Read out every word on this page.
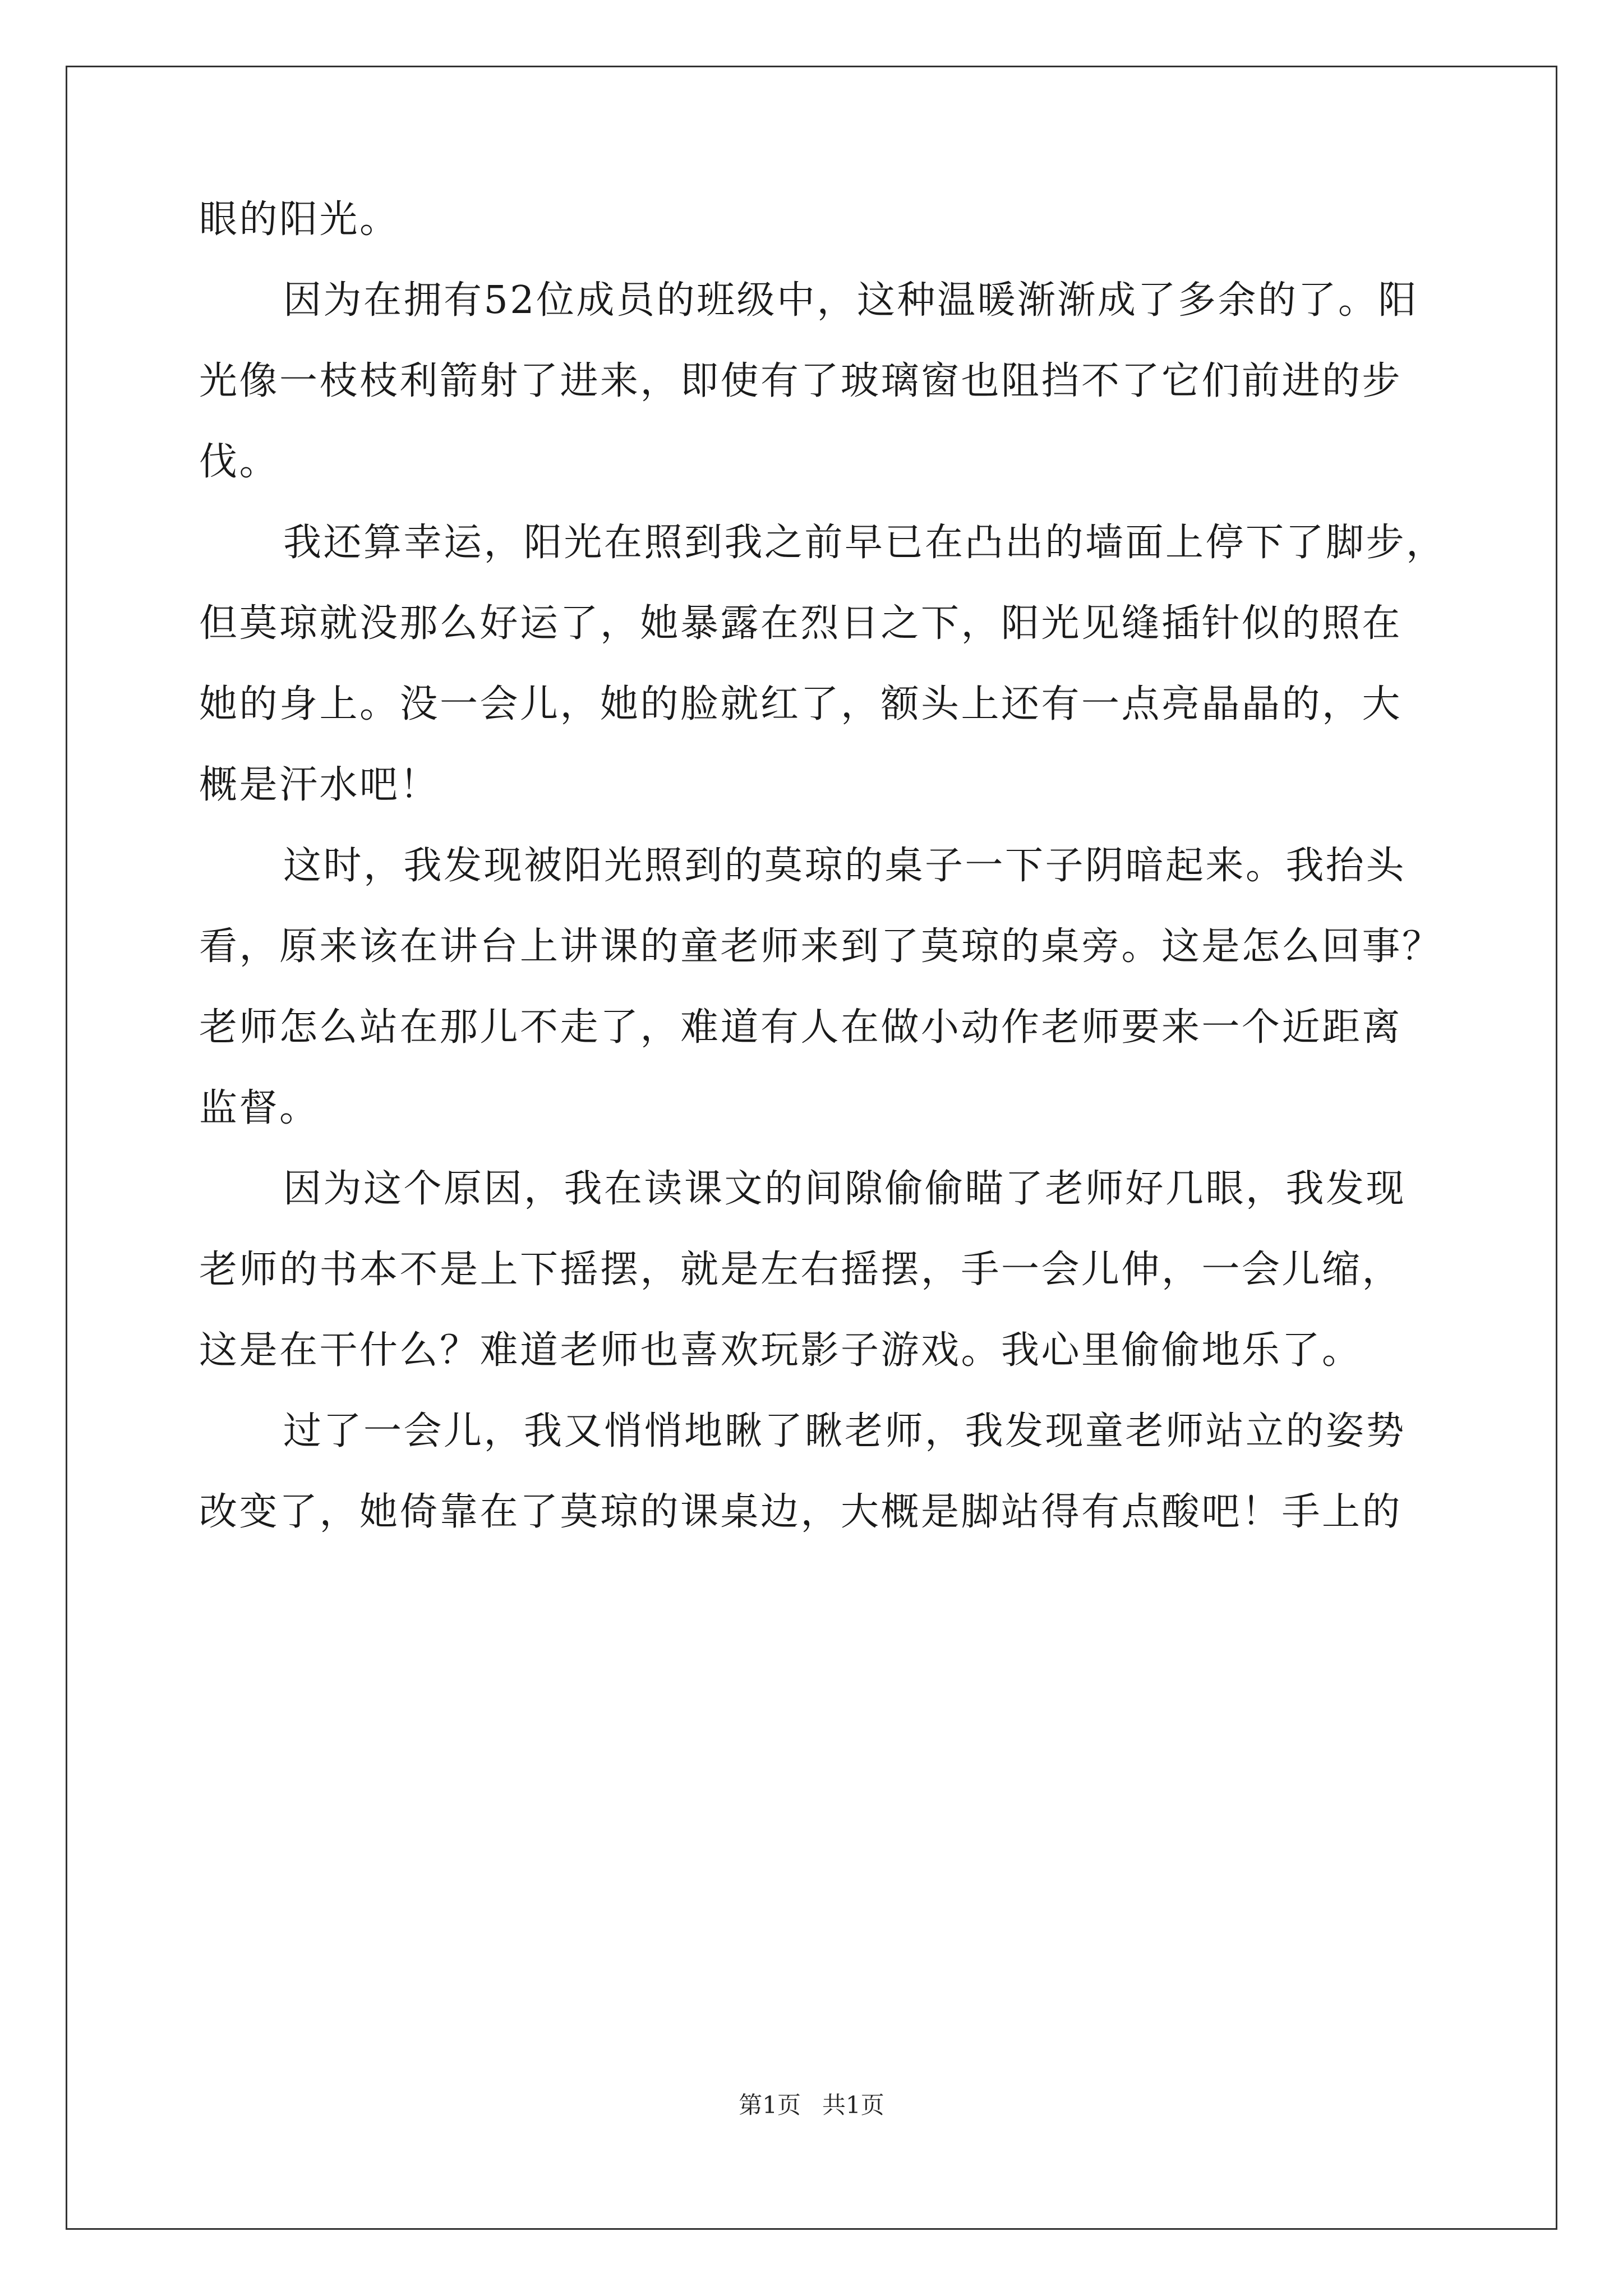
眼的阳光。
因为在拥有52位成员的班级中，这种温暖渐渐成了多余的了。阳
光像一枝枝利箭射了进来，即使有了玻璃窗也阻挡不了它们前进的步
伐。
我还算幸运，阳光在照到我之前早已在凸出的墙面上停下了脚步，
但莫琼就没那么好运了，她暴露在烈日之下，阳光见缝插针似的照在
她的身上。没一会儿，她的脸就红了，额头上还有一点亮晶晶的，大
概是汗水吧！
这时，我发现被阳光照到的莫琼的桌子一下子阴暗起来。我抬头
看，原来该在讲台上讲课的童老师来到了莫琼的桌旁。这是怎么回事？
老师怎么站在那儿不走了，难道有人在做小动作老师要来一个近距离
监督。
因为这个原因，我在读课文的间隙偷偷瞄了老师好几眼，我发现
老师的书本不是上下摇摆，就是左右摇摆，手一会儿伸，一会儿缩，
这是在干什么？难道老师也喜欢玩影子游戏。我心里偷偷地乐了。
过了一会儿，我又悄悄地瞅了瞅老师，我发现童老师站立的姿势
改变了，她倚靠在了莫琼的课桌边，大概是脚站得有点酸吧！手上的
第1页 共1页
